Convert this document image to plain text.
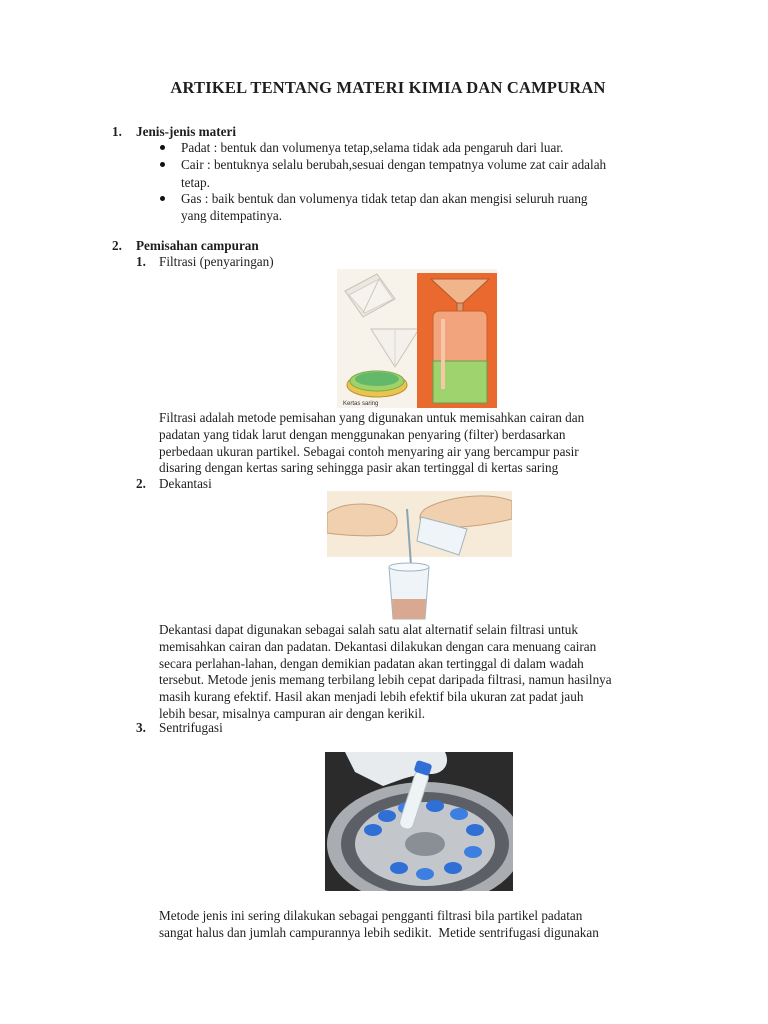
ARTIKEL TENTANG MATERI KIMIA DAN CAMPURAN
1. Jenis-jenis materi
Padat : bentuk dan volumenya tetap,selama tidak ada pengaruh dari luar.
Cair : bentuknya selalu berubah,sesuai dengan tempatnya volume zat cair adalah
tetap.
Gas : baik bentuk dan volumenya tidak tetap dan akan mengisi seluruh ruang
yang ditempatinya.
2. Pemisahan campuran
1. Filtrasi (penyaringan)
Kertas saring
Filtrasi adalah metode pemisahan yang digunakan untuk memisahkan cairan dan
padatan yang tidak larut dengan menggunakan penyaring (filter) berdasarkan
perbedaan ukuran partikel. Sebagai contoh menyaring air yang bercampur pasir
disaring dengan kertas saring sehingga pasir akan tertinggal di kertas saring
2. Dekantasi
Dekantasi dapat digunakan sebagai salah satu alat alternatif selain filtrasi untuk
memisahkan cairan dan padatan. Dekantasi dilakukan dengan cara menuang cairan
secara perlahan-lahan, dengan demikian padatan akan tertinggal di dalam wadah
tersebut. Metode jenis memang terbilang lebih cepat daripada filtrasi, namun hasilnya
masih kurang efektif. Hasil akan menjadi lebih efektif bila ukuran zat padat jauh
lebih besar, misalnya campuran air dengan kerikil.
3. Sentrifugasi
Metode jenis ini sering dilakukan sebagai pengganti filtrasi bila partikel padatan
sangat halus dan jumlah campurannya lebih sedikit.  Metide sentrifugasi digunakan
